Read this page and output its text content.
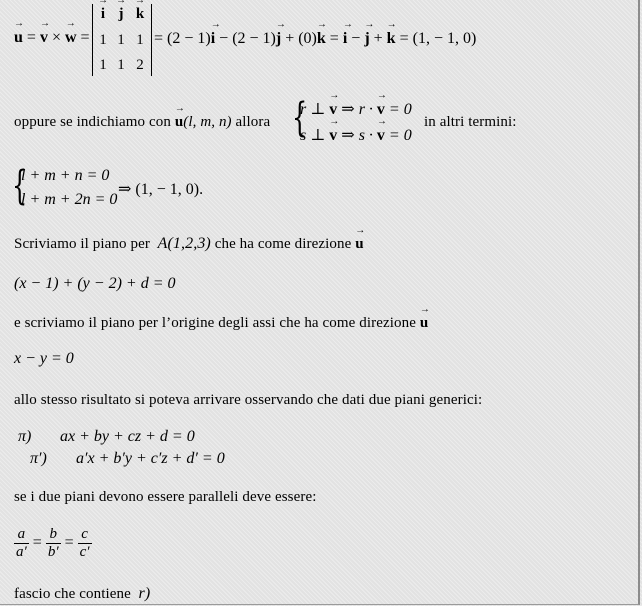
→ u = → v × → w =
→ i → j → k
1 1 1
1 1 2
= (2 − 1)→ i − (2 − 1)→ j + (0)→ k = → i − → j + → k = (1, − 1, 0)
oppure se indichiamo con → u(l, m, n) allora {
r ⊥ → v ⇒ r · → v = 0
s ⊥ → v ⇒ s · → v = 0
in altri termini:
{
l + m + n = 0
l + m + 2n = 0
⇒ (1, − 1, 0).
Scriviamo il piano per A(1,2,3) che ha come direzione → u
(x − 1) + (y − 2) + d = 0
e scriviamo il piano per l’origine degli assi che ha come direzione → u
x − y = 0
allo stesso risultato si poteva arrivare osservando che dati due piani generici:
π) ax + by + cz + d = 0
π′) a′x + b′y + c′z + d′ = 0
se i due piani devono essere paralleli deve essere:
$\frac{a}{a'} = \frac{b}{b'} = \frac{c}{c'}$
fascio che contiene r)
